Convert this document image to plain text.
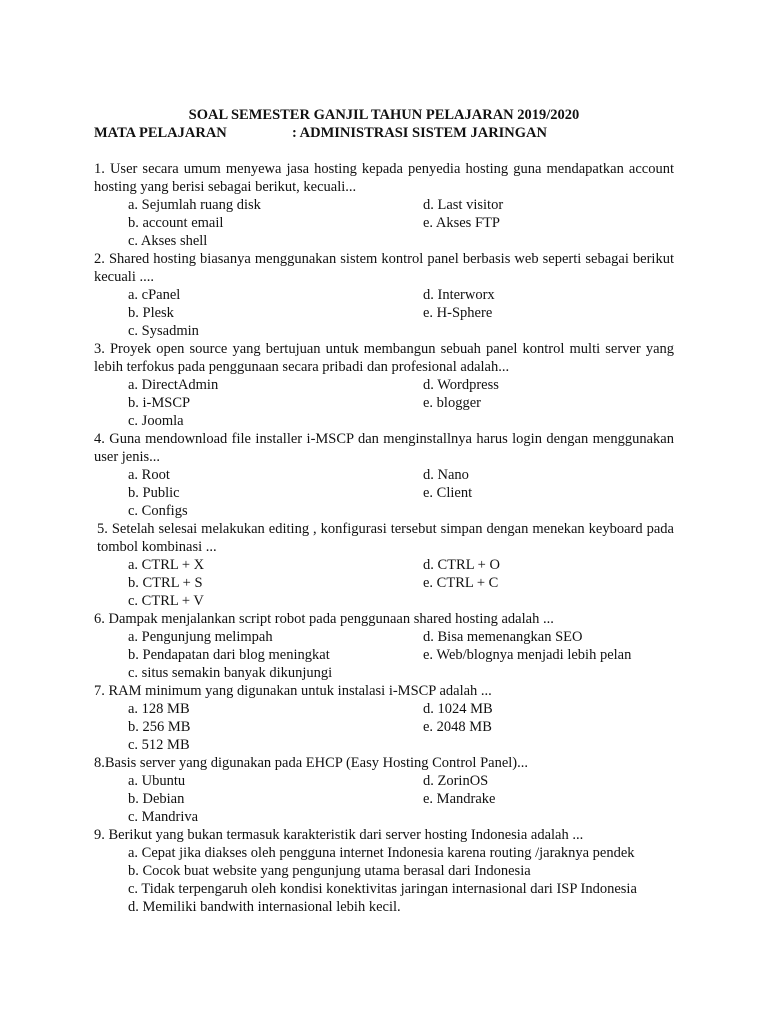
SOAL SEMESTER GANJIL TAHUN PELAJARAN 2019/2020
MATA PELAJARAN	: ADMINISTRASI SISTEM JARINGAN
1. User secara umum menyewa jasa hosting kepada penyedia hosting guna mendapatkan account hosting yang berisi sebagai berikut, kecuali...
a. Sejumlah ruang disk	d. Last visitor
b. account email	e. Akses FTP
c. Akses shell
2. Shared hosting biasanya menggunakan sistem kontrol panel berbasis web seperti sebagai berikut kecuali ....
a. cPanel	d. Interworx
b. Plesk	e. H-Sphere
c. Sysadmin
3. Proyek open source yang bertujuan untuk membangun sebuah panel kontrol multi server yang lebih terfokus pada penggunaan secara pribadi dan profesional adalah...
a. DirectAdmin	d. Wordpress
b. i-MSCP	e. blogger
c. Joomla
4. Guna mendownload file installer i-MSCP dan menginstallnya harus login dengan menggunakan user jenis...
a. Root	d. Nano
b. Public	e. Client
c. Configs
5. Setelah selesai melakukan editing , konfigurasi tersebut simpan dengan menekan keyboard pada tombol kombinasi ...
a. CTRL + X	d. CTRL + O
b. CTRL + S	e. CTRL + C
c. CTRL + V
6. Dampak menjalankan script robot pada penggunaan shared hosting adalah ...
a. Pengunjung melimpah	d. Bisa memenangkan SEO
b. Pendapatan dari blog meningkat	e. Web/blognya menjadi lebih pelan
c. situs semakin banyak dikunjungi
7. RAM minimum yang digunakan untuk instalasi i-MSCP adalah ...
a. 128 MB	d. 1024 MB
b. 256 MB	e. 2048 MB
c. 512 MB
8.Basis server yang digunakan pada EHCP (Easy Hosting Control Panel)...
a. Ubuntu	d. ZorinOS
b. Debian	e. Mandrake
c. Mandriva
9. Berikut yang bukan termasuk karakteristik dari server hosting Indonesia adalah ...
a. Cepat jika diakses oleh pengguna internet Indonesia karena routing /jaraknya pendek
b. Cocok buat website yang pengunjung utama berasal dari Indonesia
c. Tidak terpengaruh oleh kondisi konektivitas jaringan internasional dari ISP Indonesia
d. Memiliki bandwith internasional lebih kecil.
